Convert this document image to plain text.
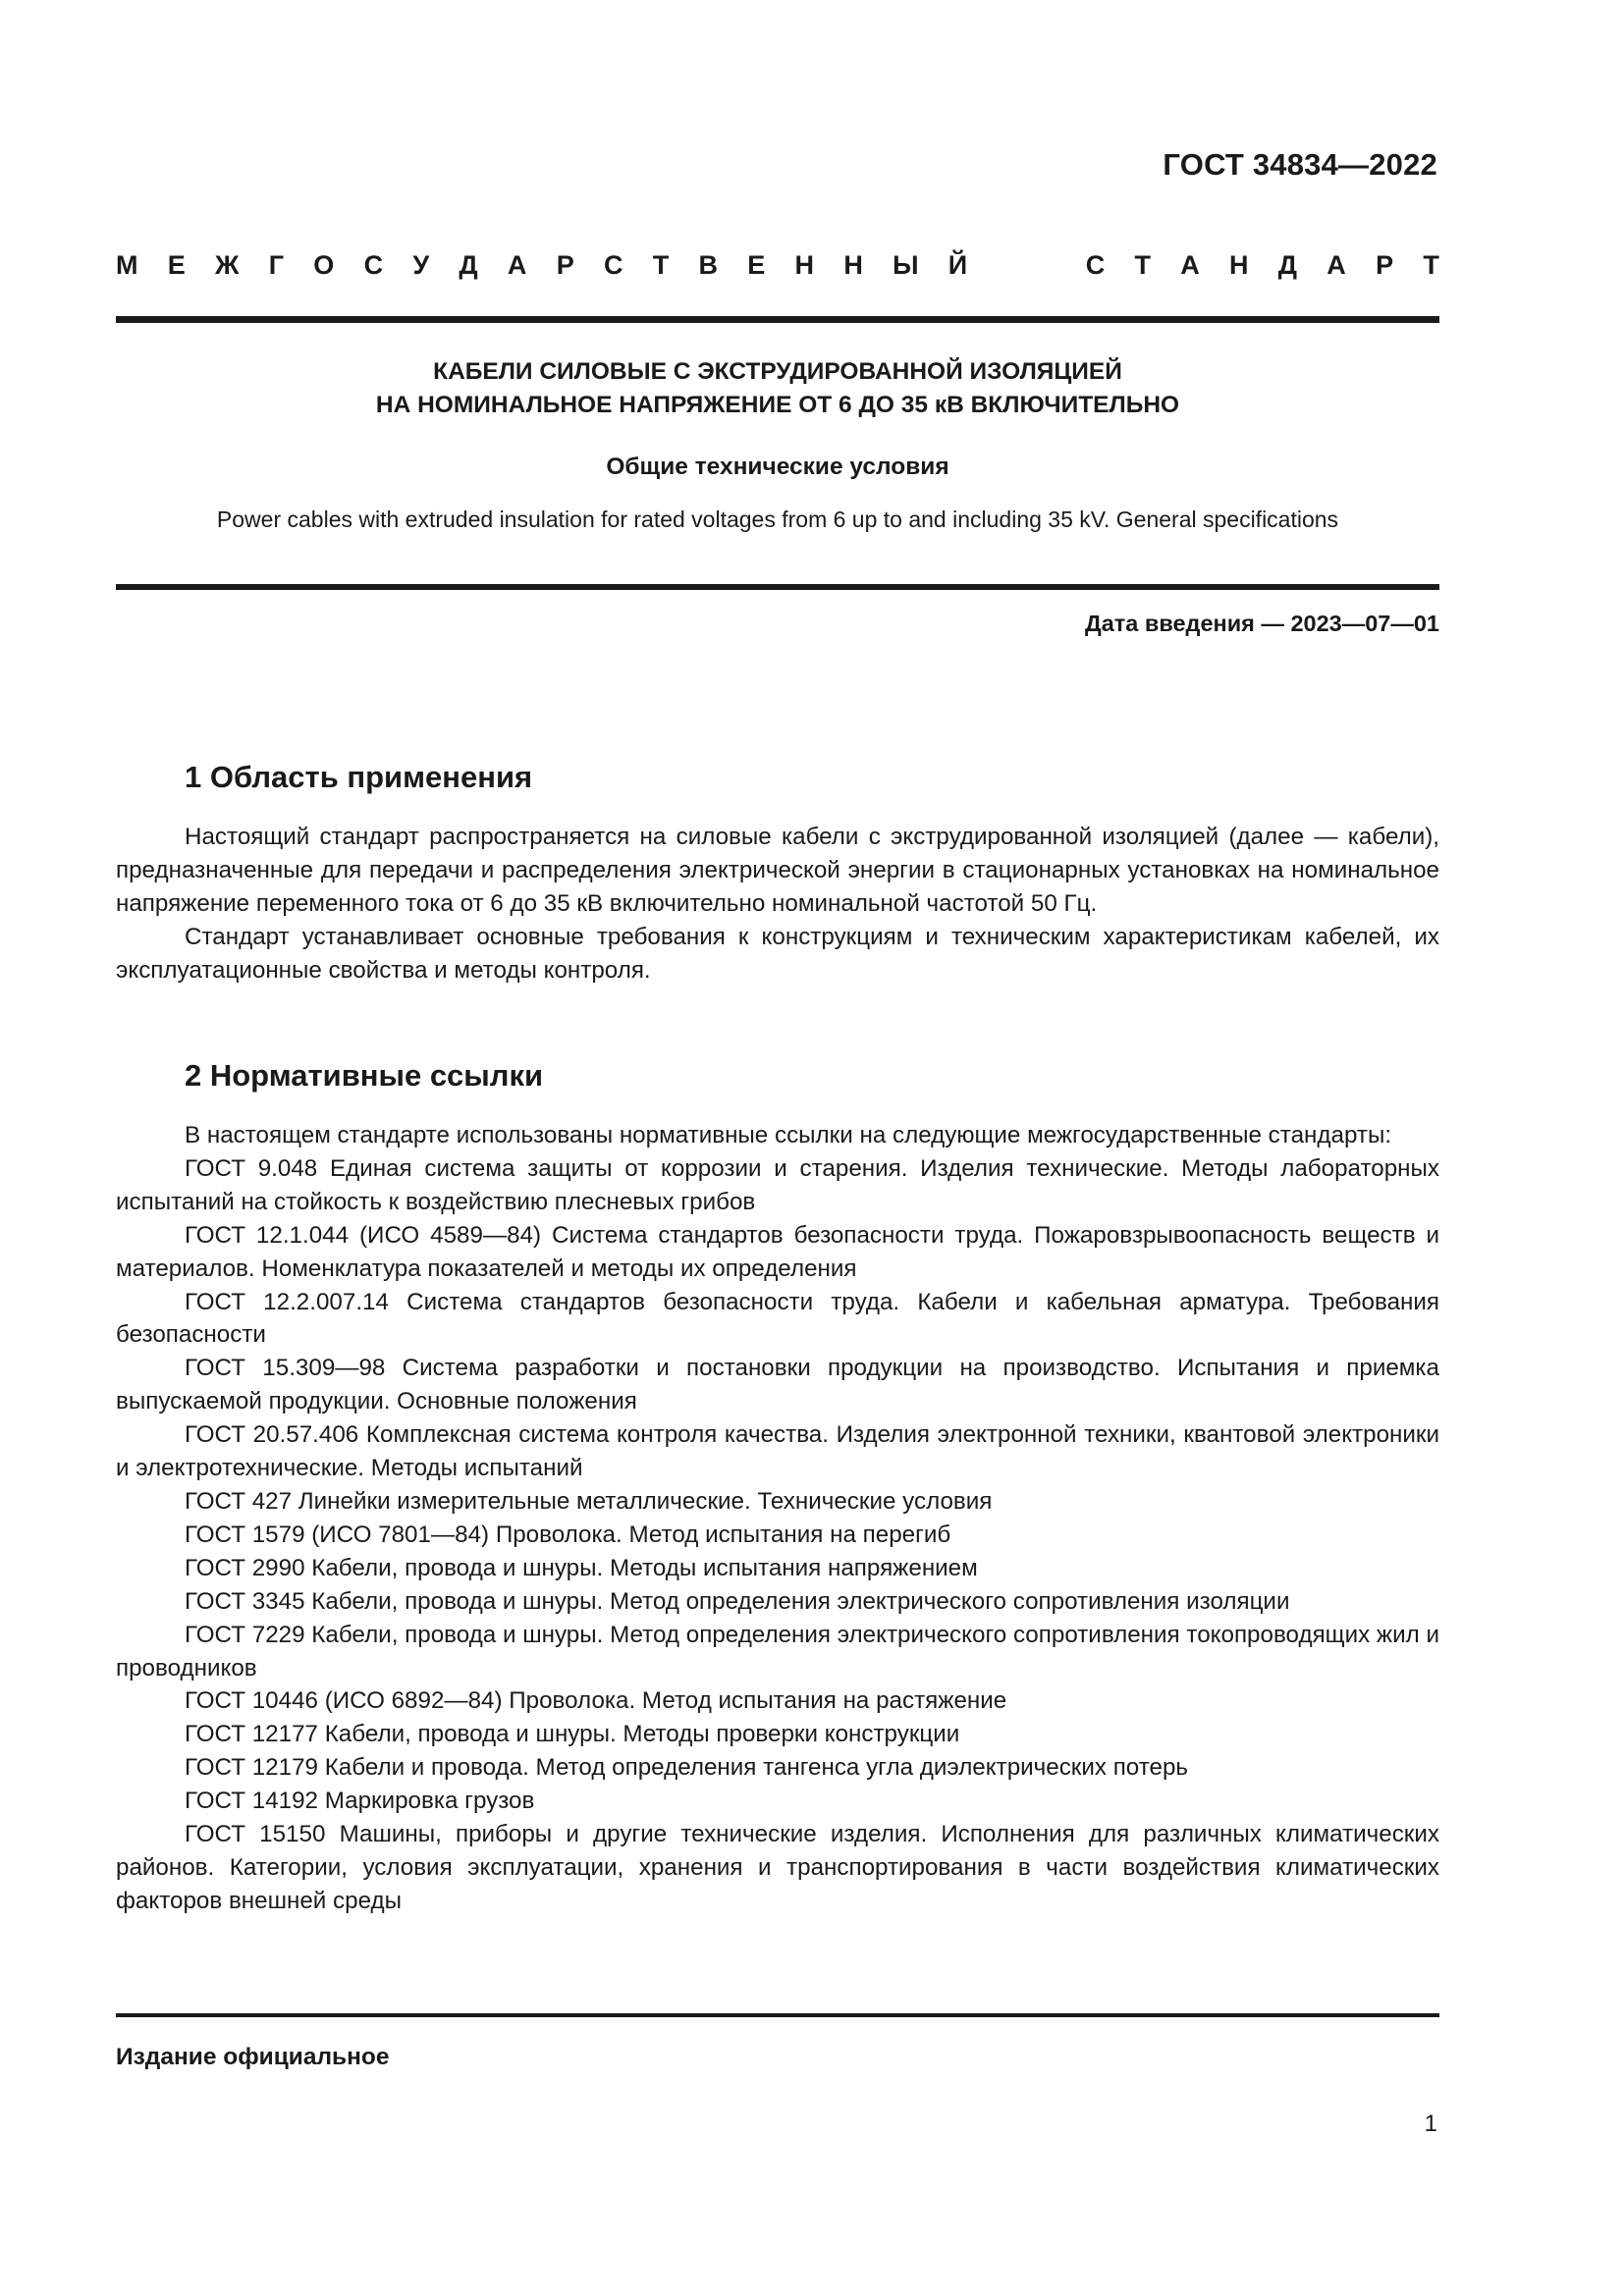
ГОСТ 34834—2022
М Е Ж Г О С У Д А Р С Т В Е Н Н Ы Й	С Т А Н Д А Р Т
КАБЕЛИ СИЛОВЫЕ С ЭКСТРУДИРОВАННОЙ ИЗОЛЯЦИЕЙ
НА НОМИНАЛЬНОЕ НАПРЯЖЕНИЕ ОТ 6 ДО 35 кВ ВКЛЮЧИТЕЛЬНО
Общие технические условия
Power cables with extruded insulation for rated voltages from 6 up to and including 35 kV. General specifications
Дата введения — 2023—07—01
1 Область применения

Настоящий стандарт распространяется на силовые кабели с экструдированной изоляцией (далее — кабели), предназначенные для передачи и распределения электрической энергии в стационарных установках на номинальное напряжение переменного тока от 6 до 35 кВ включительно номинальной частотой 50 Гц.

Стандарт устанавливает основные требования к конструкциям и техническим характеристикам кабелей, их эксплуатационные свойства и методы контроля.

2 Нормативные ссылки

В настоящем стандарте использованы нормативные ссылки на следующие межгосударственные стандарты:

ГОСТ 9.048 Единая система защиты от коррозии и старения. Изделия технические. Методы лабораторных испытаний на стойкость к воздействию плесневых грибов

ГОСТ 12.1.044 (ИСО 4589—84) Система стандартов безопасности труда. Пожаровзрывоопасность веществ и материалов. Номенклатура показателей и методы их определения

ГОСТ 12.2.007.14 Система стандартов безопасности труда. Кабели и кабельная арматура. Требования безопасности

ГОСТ 15.309—98 Система разработки и постановки продукции на производство. Испытания и приемка выпускаемой продукции. Основные положения

ГОСТ 20.57.406 Комплексная система контроля качества. Изделия электронной техники, квантовой электроники и электротехнические. Методы испытаний

ГОСТ 427 Линейки измерительные металлические. Технические условия

ГОСТ 1579 (ИСО 7801—84) Проволока. Метод испытания на перегиб

ГОСТ 2990 Кабели, провода и шнуры. Методы испытания напряжением

ГОСТ 3345 Кабели, провода и шнуры. Метод определения электрического сопротивления изоляции

ГОСТ 7229 Кабели, провода и шнуры. Метод определения электрического сопротивления токопроводящих жил и проводников

ГОСТ 10446 (ИСО 6892—84) Проволока. Метод испытания на растяжение

ГОСТ 12177 Кабели, провода и шнуры. Методы проверки конструкции

ГОСТ 12179 Кабели и провода. Метод определения тангенса угла диэлектрических потерь

ГОСТ 14192 Маркировка грузов

ГОСТ 15150 Машины, приборы и другие технические изделия. Исполнения для различных климатических районов. Категории, условия эксплуатации, хранения и транспортирования в части воздействия климатических факторов внешней среды

Издание официальное
1
